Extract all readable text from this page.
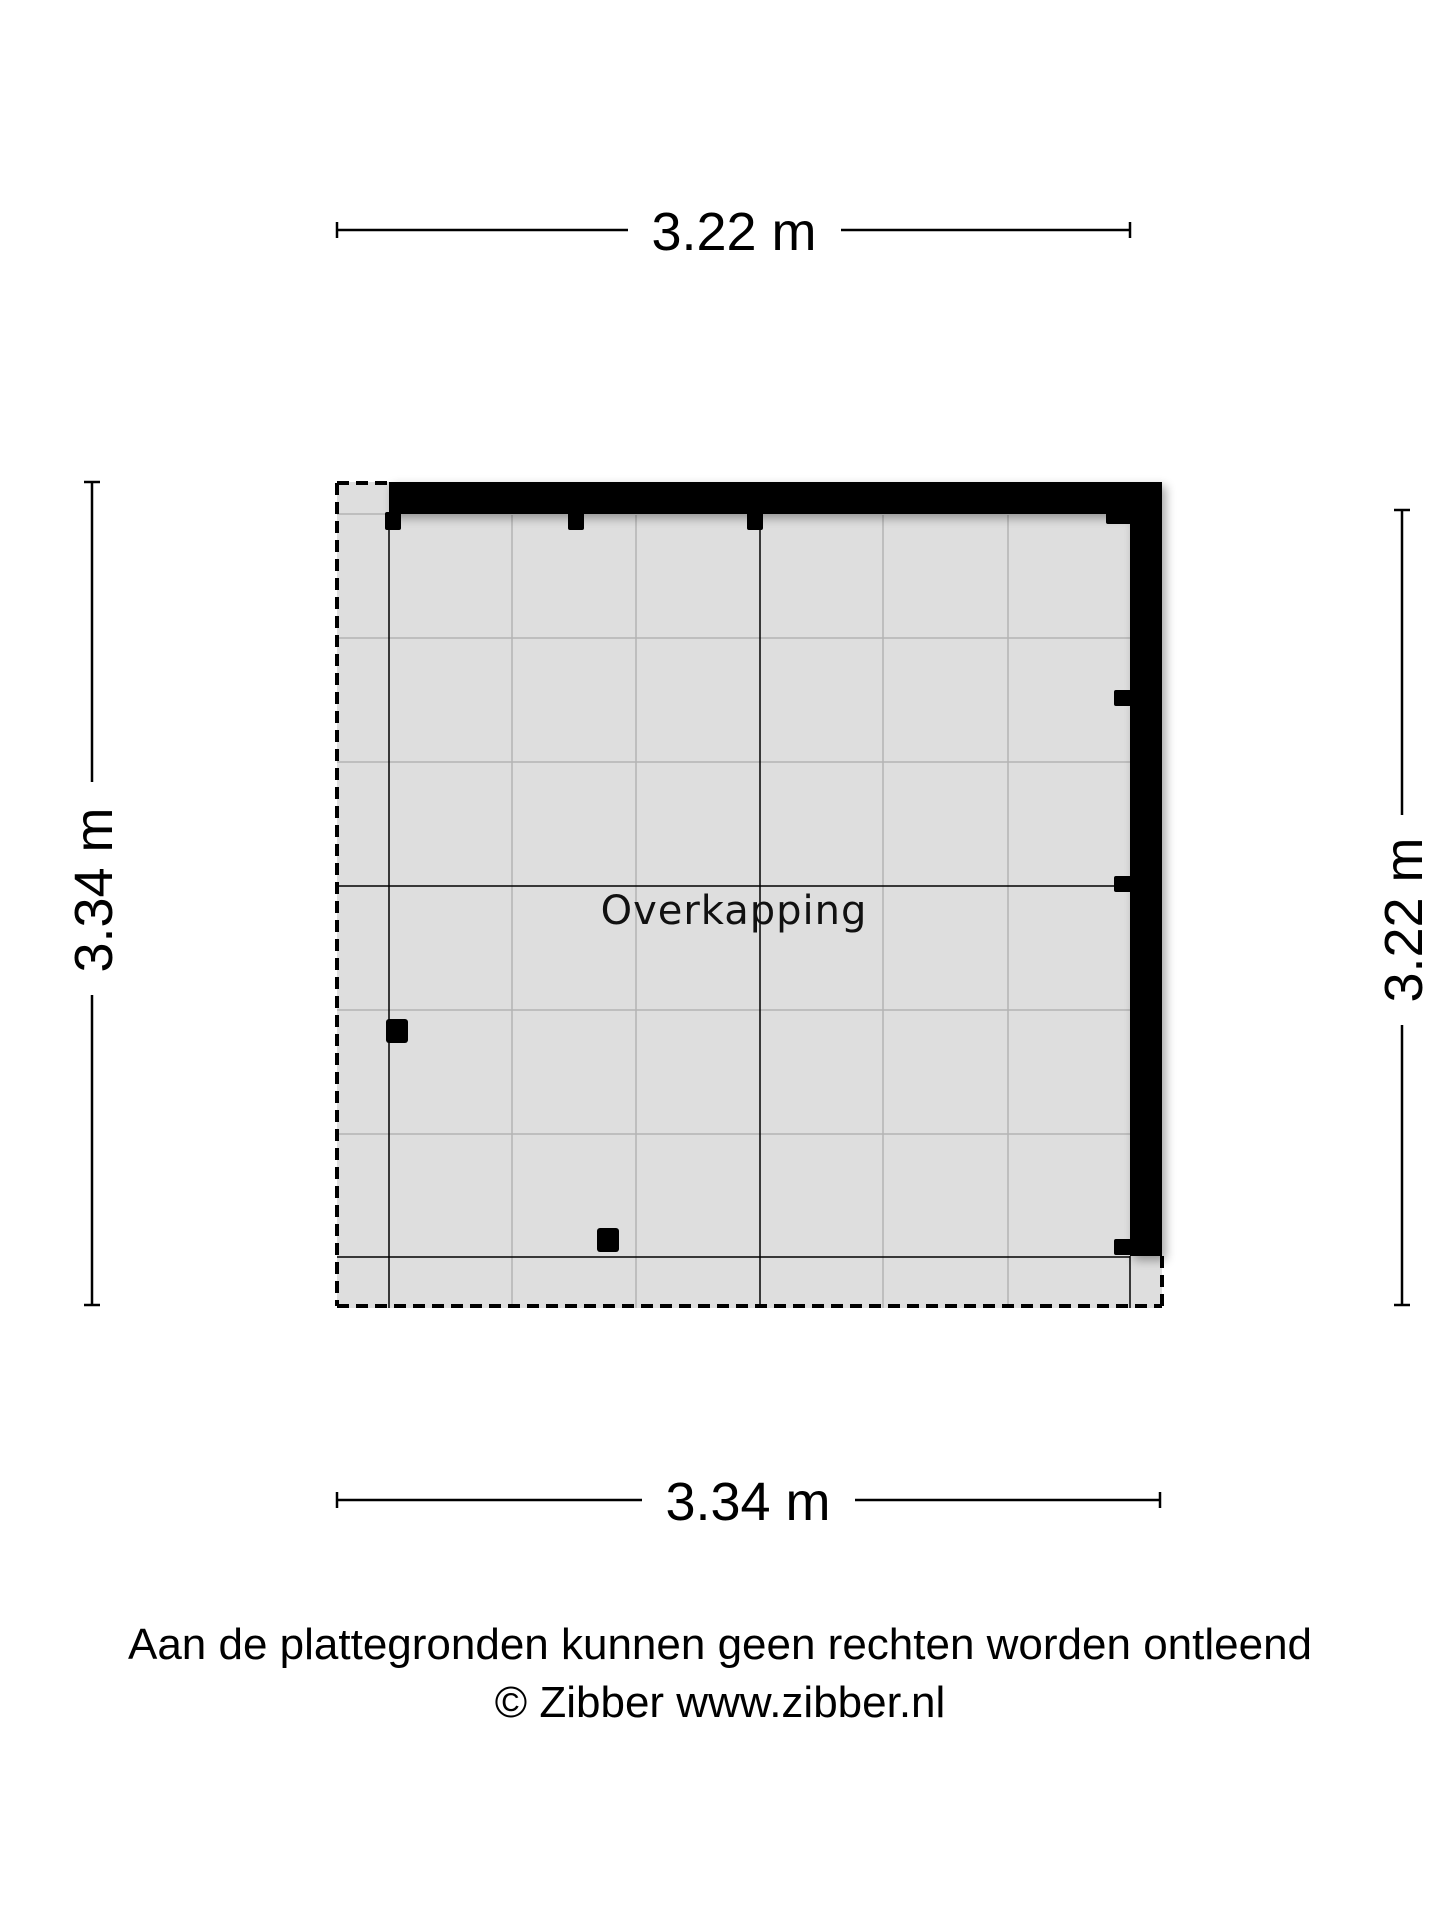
Overkapping
3.22 m
3.34 m
3.34 m	3.22 m
Aan de plattegronden kunnen geen rechten worden ontleend
© Zibber www.zibber.nl
